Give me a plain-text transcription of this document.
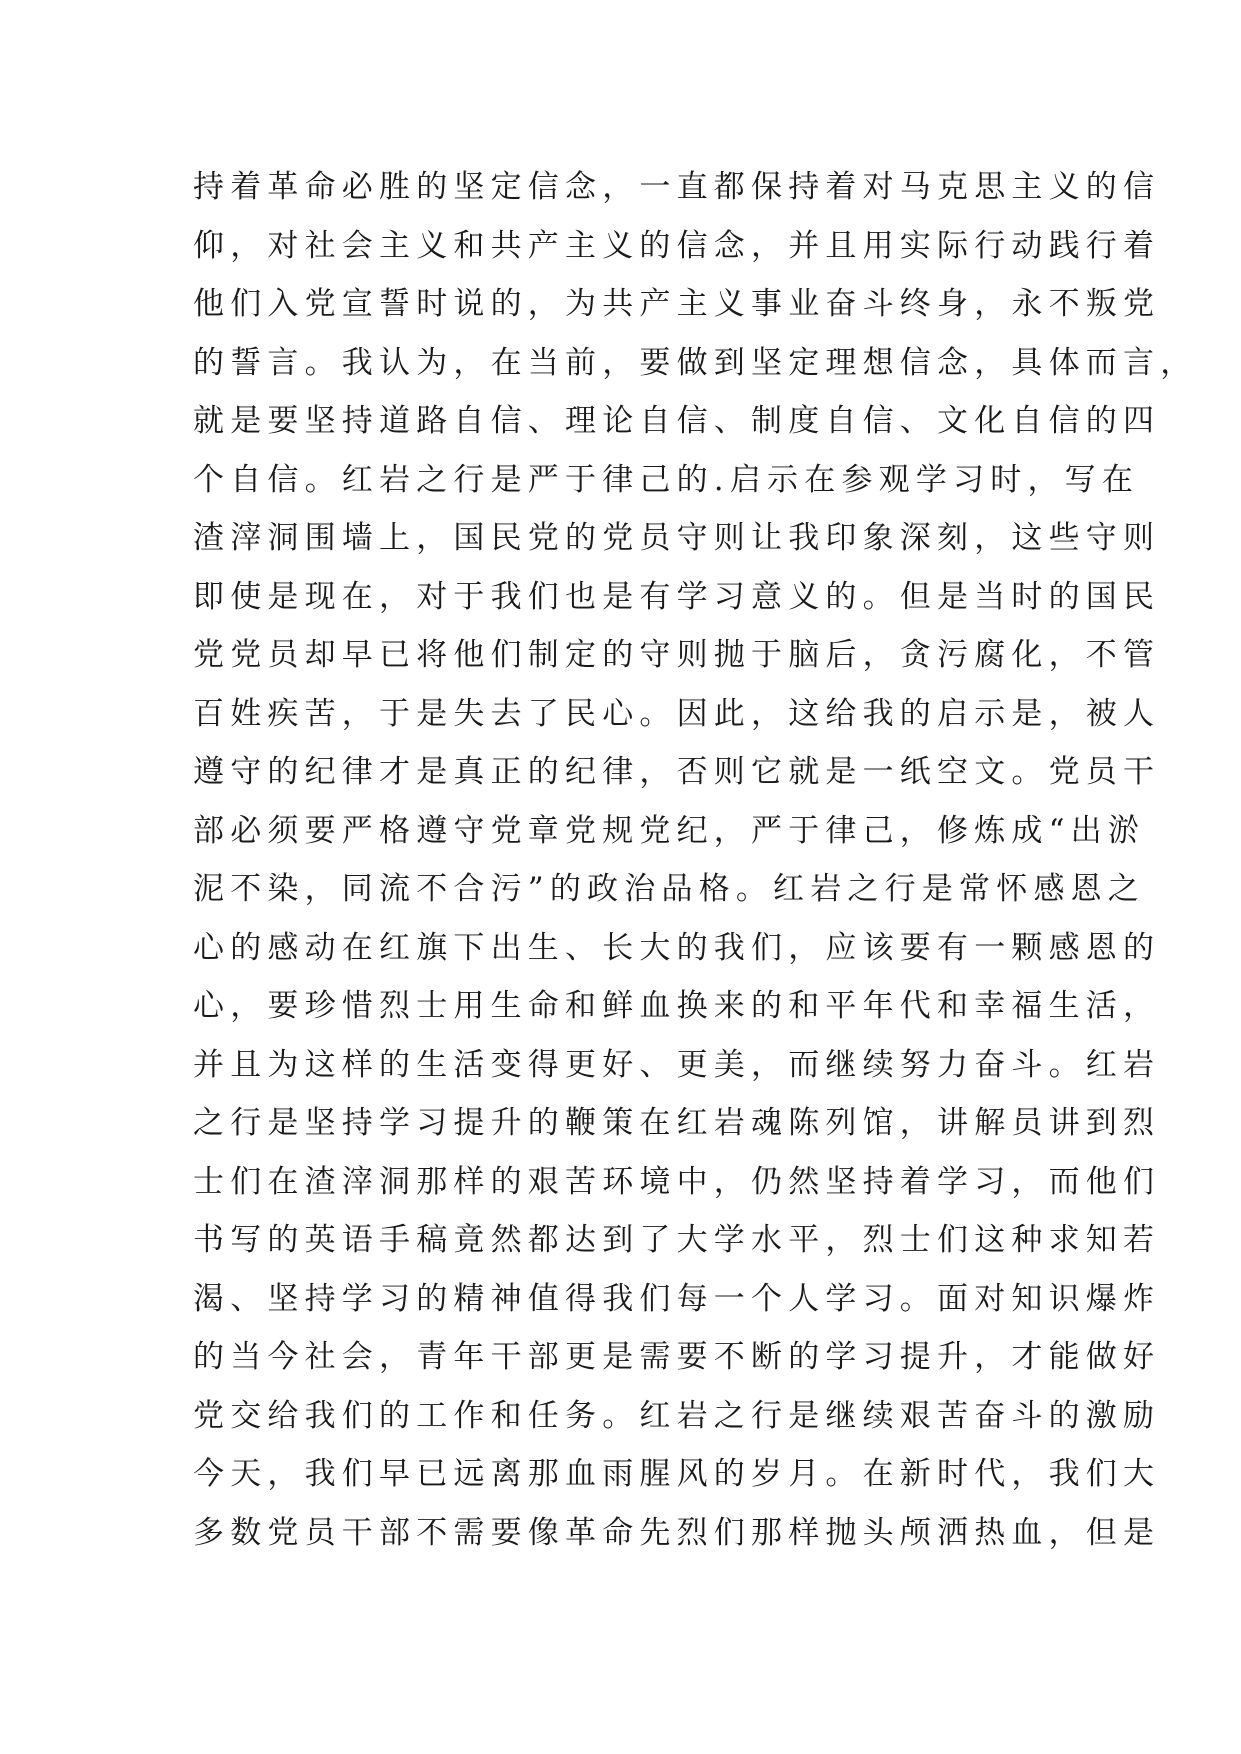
持着革命必胜的坚定信念，一直都保持着对马克思主义的信
仰，对社会主义和共产主义的信念，并且用实际行动践行着
他们入党宣誓时说的，为共产主义事业奋斗终身，永不叛党
的誓言。我认为，在当前，要做到坚定理想信念，具体而言，
就是要坚持道路自信、理论自信、制度自信、文化自信的四
个自信。红岩之行是严于律己的.启示在参观学习时，写在
渣滓洞围墙上，国民党的党员守则让我印象深刻，这些守则
即使是现在，对于我们也是有学习意义的。但是当时的国民
党党员却早已将他们制定的守则抛于脑后，贪污腐化，不管
百姓疾苦，于是失去了民心。因此，这给我的启示是，被人
遵守的纪律才是真正的纪律，否则它就是一纸空文。党员干
部必须要严格遵守党章党规党纪，严于律己，修炼成“出淤
泥不染，同流不合污”的政治品格。红岩之行是常怀感恩之
心的感动在红旗下出生、长大的我们，应该要有一颗感恩的
心，要珍惜烈士用生命和鲜血换来的和平年代和幸福生活，
并且为这样的生活变得更好、更美，而继续努力奋斗。红岩
之行是坚持学习提升的鞭策在红岩魂陈列馆，讲解员讲到烈
士们在渣滓洞那样的艰苦环境中，仍然坚持着学习，而他们
书写的英语手稿竟然都达到了大学水平，烈士们这种求知若
渴、坚持学习的精神值得我们每一个人学习。面对知识爆炸
的当今社会，青年干部更是需要不断的学习提升，才能做好
党交给我们的工作和任务。红岩之行是继续艰苦奋斗的激励
今天，我们早已远离那血雨腥风的岁月。在新时代，我们大
多数党员干部不需要像革命先烈们那样抛头颅洒热血，但是
